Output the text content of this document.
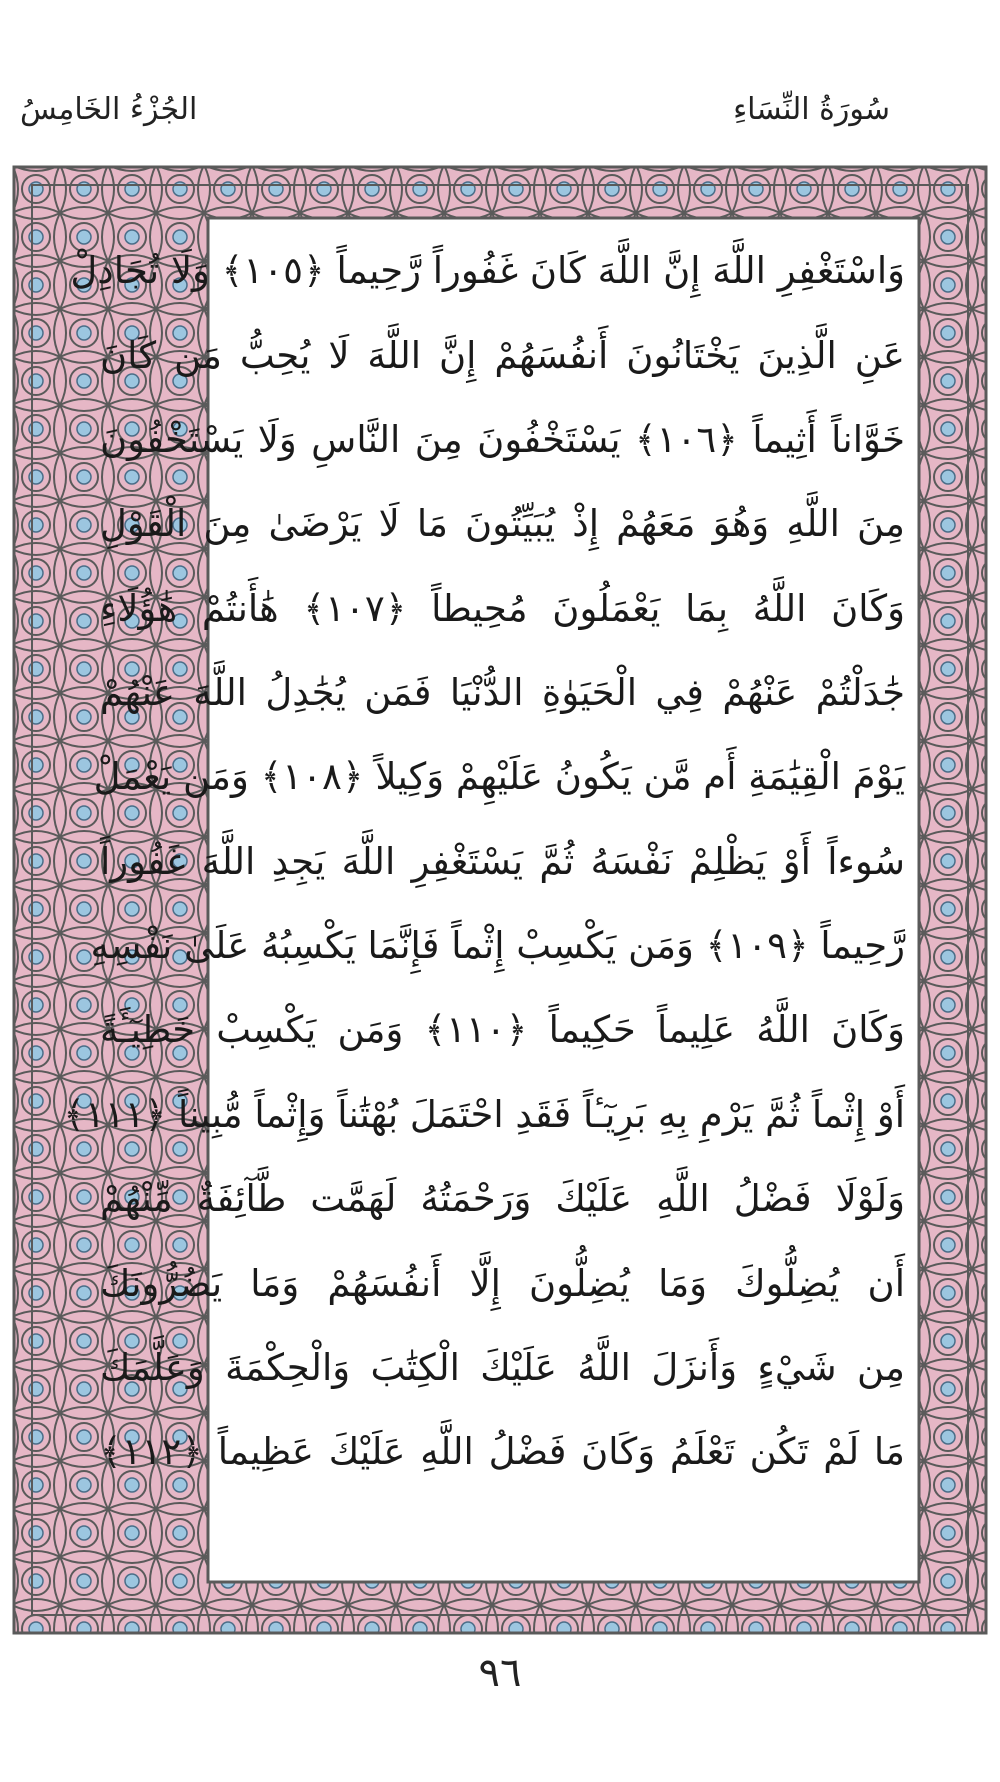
سُورَةُ النِّسَاءِ
الجُزْءُ الخَامِسُ
وَاسْتَغْفِرِ اللَّهَ إِنَّ اللَّهَ كَانَ غَفُوراً رَّحِيماً ﴿١٠٥﴾ وَلَا تُجَادِلْ
عَنِ الَّذِينَ يَخْتَانُونَ أَنفُسَهُمْ إِنَّ اللَّهَ لَا يُحِبُّ مَن كَانَ
خَوَّاناً أَثِيماً ﴿١٠٦﴾ يَسْتَخْفُونَ مِنَ النَّاسِ وَلَا يَسْتَخْفُونَ
مِنَ اللَّهِ وَهُوَ مَعَهُمْ إِذْ يُبَيِّتُونَ مَا لَا يَرْضَىٰ مِنَ الْقَوْلِ
وَكَانَ اللَّهُ بِمَا يَعْمَلُونَ مُحِيطاً ﴿١٠٧﴾ هَٰأَنتُمْ هَٰؤُلَاءِ
جَٰدَلْتُمْ عَنْهُمْ فِي الْحَيَوٰةِ الدُّنْيَا فَمَن يُجَٰدِلُ اللَّهَ عَنْهُمْ
يَوْمَ الْقِيَٰمَةِ أَم مَّن يَكُونُ عَلَيْهِمْ وَكِيلاً ﴿١٠٨﴾ وَمَن يَعْمَلْ
سُوءاً أَوْ يَظْلِمْ نَفْسَهُ ثُمَّ يَسْتَغْفِرِ اللَّهَ يَجِدِ اللَّهَ غَفُوراً
رَّحِيماً ﴿١٠٩﴾ وَمَن يَكْسِبْ إِثْماً فَإِنَّمَا يَكْسِبُهُ عَلَىٰ نَفْسِهِ
وَكَانَ اللَّهُ عَلِيماً حَكِيماً ﴿١١٠﴾ وَمَن يَكْسِبْ خَطِيٓـَٔةً
أَوْ إِثْماً ثُمَّ يَرْمِ بِهِ بَرِيٓـٔاً فَقَدِ احْتَمَلَ بُهْتَٰناً وَإِثْماً مُّبِيناً ﴿١١١﴾
وَلَوْلَا فَضْلُ اللَّهِ عَلَيْكَ وَرَحْمَتُهُ لَهَمَّت طَّآئِفَةٌ مِّنْهُمْ
أَن يُضِلُّوكَ وَمَا يُضِلُّونَ إِلَّا أَنفُسَهُمْ وَمَا يَضُرُّونَكَ
مِن شَيْءٍ وَأَنزَلَ اللَّهُ عَلَيْكَ الْكِتَٰبَ وَالْحِكْمَةَ وَعَلَّمَكَ
مَا لَمْ تَكُن تَعْلَمُ وَكَانَ فَضْلُ اللَّهِ عَلَيْكَ عَظِيماً ﴿١١٢﴾
٩٦
